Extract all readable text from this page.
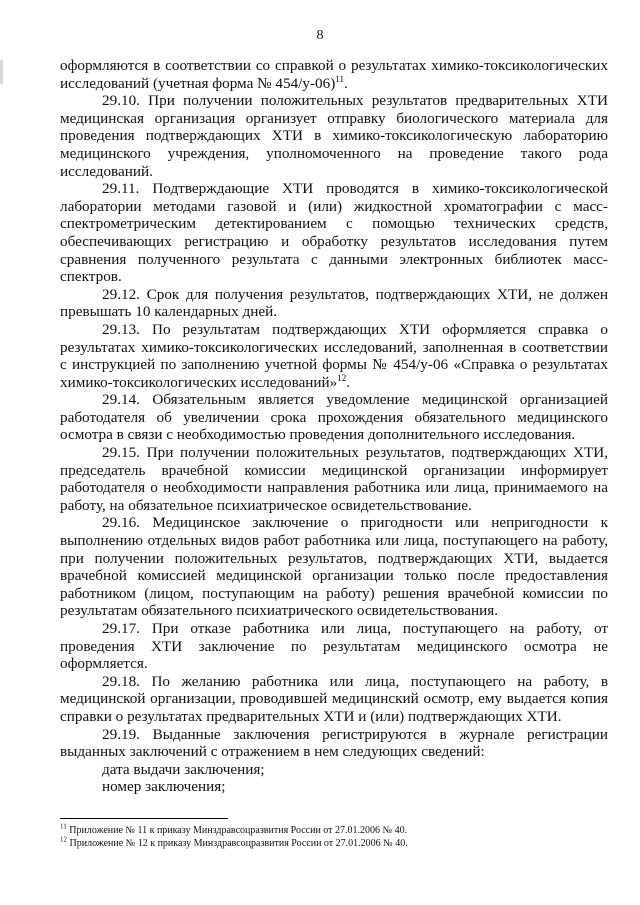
8

оформляются в соответствии со справкой о результатах химико-токсикологических исследований (учетная форма № 454/у-06)$^{11}$.

29.10. При получении положительных результатов предварительных ХТИ медицинская организация организует отправку биологического материала для проведения подтверждающих ХТИ в химико-токсикологическую лабораторию медицинского учреждения, уполномоченного на проведение такого рода исследований.

29.11. Подтверждающие ХТИ проводятся в химико-токсикологической лаборатории методами газовой и (или) жидкостной хроматографии с масс-спектрометрическим детектированием с помощью технических средств, обеспечивающих регистрацию и обработку результатов исследования путем сравнения полученного результата с данными электронных библиотек масс-спектров.

29.12. Срок для получения результатов, подтверждающих ХТИ, не должен превышать 10 календарных дней.

29.13. По результатам подтверждающих ХТИ оформляется справка о результатах химико-токсикологических исследований, заполненная в соответствии с инструкцией по заполнению учетной формы № 454/у-06 «Справка о результатах химико-токсикологических исследований»$^{12}$.

29.14. Обязательным является уведомление медицинской организацией работодателя об увеличении срока прохождения обязательного медицинского осмотра в связи с необходимостью проведения дополнительного исследования.

29.15. При получении положительных результатов, подтверждающих ХТИ, председатель врачебной комиссии медицинской организации информирует работодателя о необходимости направления работника или лица, принимаемого на работу, на обязательное психиатрическое освидетельствование.

29.16. Медицинское заключение о пригодности или непригодности к выполнению отдельных видов работ работника или лица, поступающего на работу, при получении положительных результатов, подтверждающих ХТИ, выдается врачебной комиссией медицинской организации только после предоставления работником (лицом, поступающим на работу) решения врачебной комиссии по результатам обязательного психиатрического освидетельствования.

29.17. При отказе работника или лица, поступающего на работу, от проведения ХТИ заключение по результатам медицинского осмотра не оформляется.

29.18. По желанию работника или лица, поступающего на работу, в медицинской организации, проводившей медицинский осмотр, ему выдается копия справки о результатах предварительных ХТИ и (или) подтверждающих ХТИ.

29.19. Выданные заключения регистрируются в журнале регистрации выданных заключений с отражением в нем следующих сведений:

дата выдачи заключения;

номер заключения;

$^{11}$ Приложение № 11 к приказу Минздравсоцразвития России от 27.01.2006 № 40.

$^{12}$ Приложение № 12 к приказу Минздравсоцразвития России от 27.01.2006 № 40.
